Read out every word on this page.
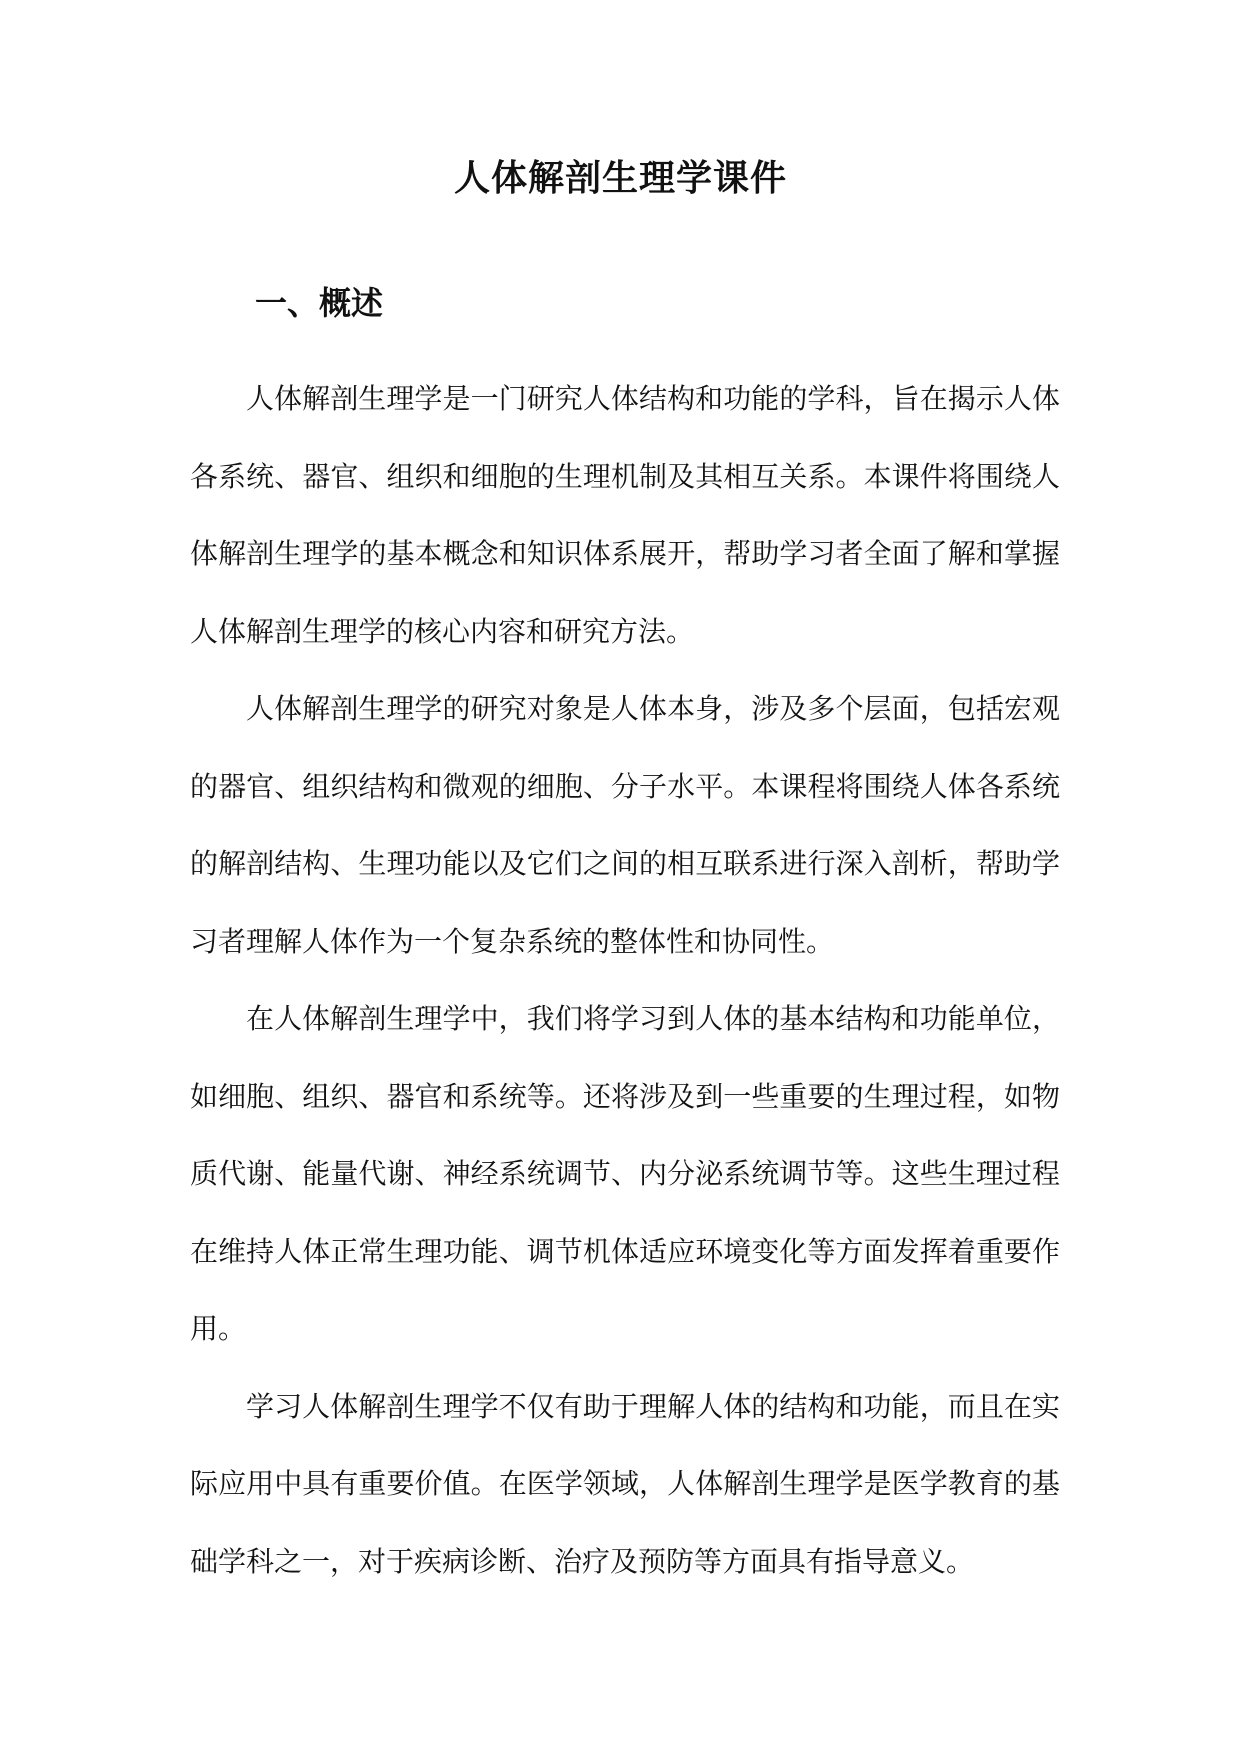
人体解剖生理学课件
一、概述

人体解剖生理学是一门研究人体结构和功能的学科，旨在揭示人体各系统、器官、组织和细胞的生理机制及其相互关系。本课件将围绕人体解剖生理学的基本概念和知识体系展开，帮助学习者全面了解和掌握人体解剖生理学的核心内容和研究方法。

人体解剖生理学的研究对象是人体本身，涉及多个层面，包括宏观的器官、组织结构和微观的细胞、分子水平。本课程将围绕人体各系统的解剖结构、生理功能以及它们之间的相互联系进行深入剖析，帮助学习者理解人体作为一个复杂系统的整体性和协同性。

在人体解剖生理学中，我们将学习到人体的基本结构和功能单位，如细胞、组织、器官和系统等。还将涉及到一些重要的生理过程，如物质代谢、能量代谢、神经系统调节、内分泌系统调节等。这些生理过程在维持人体正常生理功能、调节机体适应环境变化等方面发挥着重要作用。

学习人体解剖生理学不仅有助于理解人体的结构和功能，而且在实际应用中具有重要价值。在医学领域，人体解剖生理学是医学教育的基础学科之一，对于疾病诊断、治疗及预防等方面具有指导意义。
